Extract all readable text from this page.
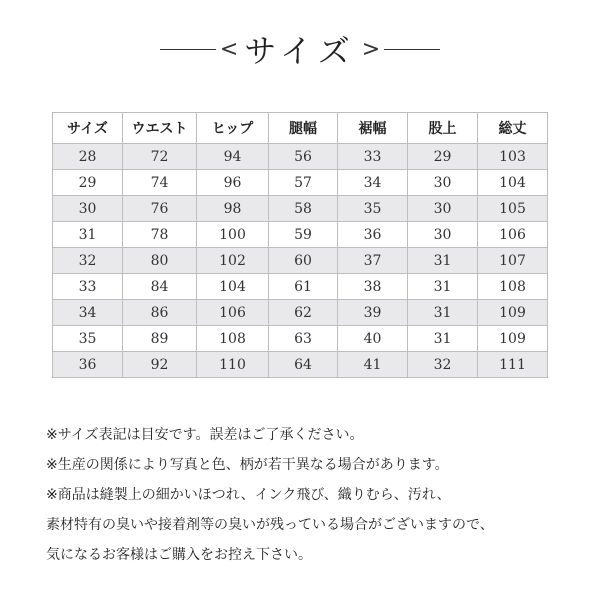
< サイズ >
サイズ	ウエスト	ヒップ	腿幅	裾幅	股上	総丈
28	72	94	56	33	29	103
29	74	96	57	34	30	104
30	76	98	58	35	30	105
31	78	100	59	36	30	106
32	80	102	60	37	31	107
33	84	104	61	38	31	108
34	86	106	62	39	31	109
35	89	108	63	40	31	109
36	92	110	64	41	32	111

※サイズ表記は目安です。誤差はご了承ください。

※生産の関係により写真と色、柄が若干異なる場合があります。

※商品は縫製上の細かいほつれ、インク飛び、織りむら、汚れ、

素材特有の臭いや接着剤等の臭いが残っている場合がございますので、

気になるお客様はご購入をお控え下さい。
